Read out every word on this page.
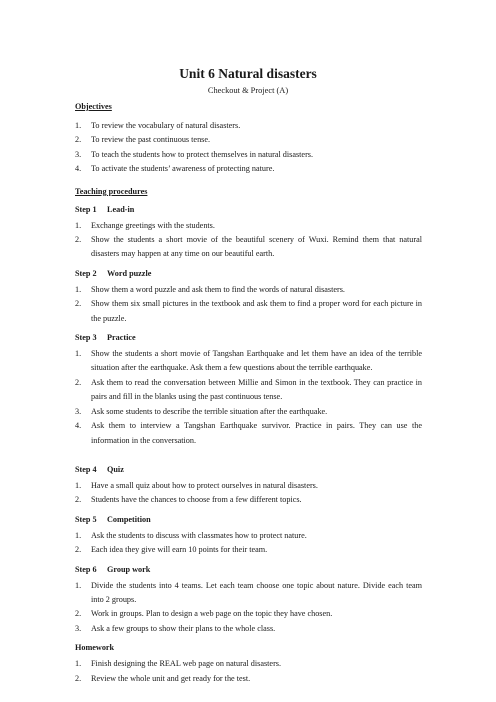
Unit 6 Natural disasters

Checkout & Project (A)

Objectives

1. To review the vocabulary of natural disasters.
2. To review the past continuous tense.
3. To teach the students how to protect themselves in natural disasters.
4. To activate the students’ awareness of protecting nature.

Teaching procedures

Step 1 Lead-in

1. Exchange greetings with the students.
2. Show the students a short movie of the beautiful scenery of Wuxi. Remind them that natural disasters may happen at any time on our beautiful earth.

Step 2 Word puzzle

1. Show them a word puzzle and ask them to find the words of natural disasters.
2. Show them six small pictures in the textbook and ask them to find a proper word for each picture in the puzzle.

Step 3 Practice

1. Show the students a short movie of Tangshan Earthquake and let them have an idea of the terrible situation after the earthquake. Ask them a few questions about the terrible earthquake.
2. Ask them to read the conversation between Millie and Simon in the textbook. They can practice in pairs and fill in the blanks using the past continuous tense.
3. Ask some students to describe the terrible situation after the earthquake.
4. Ask them to interview a Tangshan Earthquake survivor. Practice in pairs. They can use the information in the conversation.

Step 4 Quiz

1. Have a small quiz about how to protect ourselves in natural disasters.
2. Students have the chances to choose from a few different topics.

Step 5 Competition

1. Ask the students to discuss with classmates how to protect nature.
2. Each idea they give will earn 10 points for their team.

Step 6 Group work

1. Divide the students into 4 teams. Let each team choose one topic about nature. Divide each team into 2 groups.
2. Work in groups. Plan to design a web page on the topic they have chosen.
3. Ask a few groups to show their plans to the whole class.

Homework

1. Finish designing the REAL web page on natural disasters.
2. Review the whole unit and get ready for the test.
